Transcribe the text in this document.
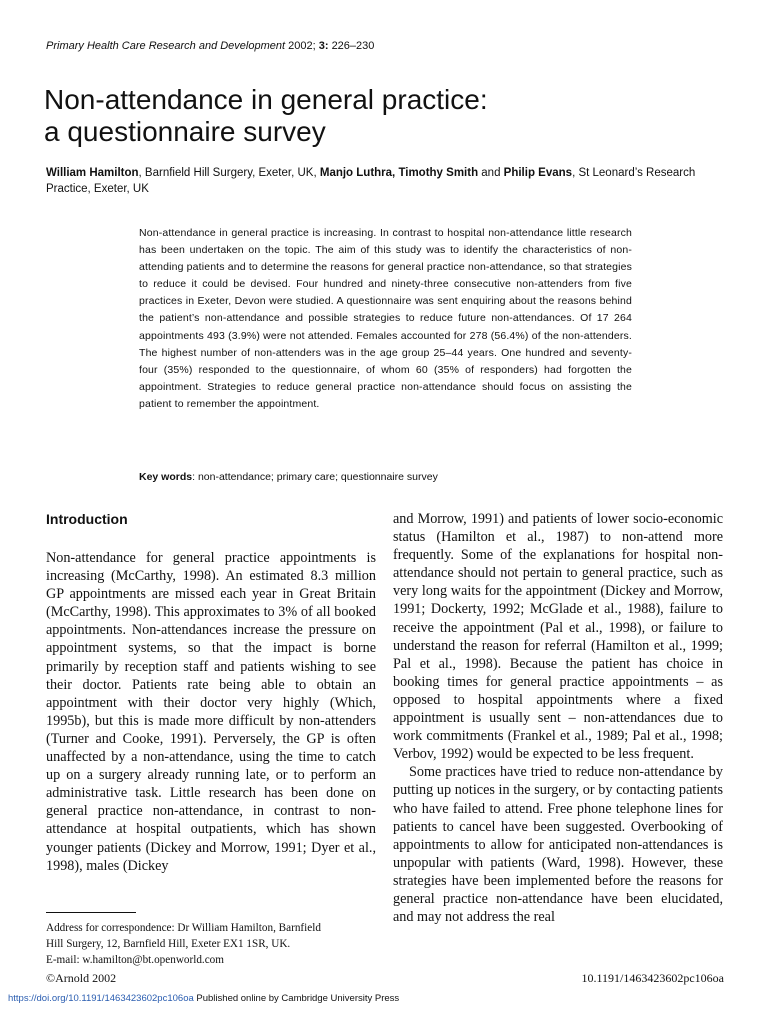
Primary Health Care Research and Development 2002; 3: 226–230
Non-attendance in general practice:
a questionnaire survey
William Hamilton, Barnfield Hill Surgery, Exeter, UK, Manjo Luthra, Timothy Smith and Philip Evans, St Leonard’s Research Practice, Exeter, UK

Non-attendance in general practice is increasing. In contrast to hospital non-attendance little research has been undertaken on the topic. The aim of this study was to identify the characteristics of non-attending patients and to determine the reasons for general practice non-attendance, so that strategies to reduce it could be devised. Four hundred and ninety-three consecutive non-attenders from five practices in Exeter, Devon were studied. A questionnaire was sent enquiring about the reasons behind the patient’s non-attendance and possible strategies to reduce future non-attendances. Of 17 264 appointments 493 (3.9%) were not attended. Females accounted for 278 (56.4%) of the non-attenders. The highest number of non-attenders was in the age group 25–44 years. One hundred and seventy-four (35%) responded to the questionnaire, of whom 60 (35% of responders) had forgotten the appointment. Strategies to reduce general practice non-attendance should focus on assisting the patient to remember the appointment.

Key words: non-attendance; primary care; questionnaire survey
Introduction

Non-attendance for general practice appointments is increasing (McCarthy, 1998). An estimated 8.3 million GP appointments are missed each year in Great Britain (McCarthy, 1998). This approximates to 3% of all booked appointments. Non-attendances increase the pressure on appointment systems, so that the impact is borne primarily by reception staff and patients wishing to see their doctor. Patients rate being able to obtain an appointment with their doctor very highly (Which, 1995b), but this is made more difficult by non-attenders (Turner and Cooke, 1991). Perversely, the GP is often unaffected by a non-attendance, using the time to catch up on a surgery already running late, or to perform an administrative task. Little research has been done on general practice non-attendance, in contrast to non-attendance at hospital outpatients, which has shown younger patients (Dickey and Morrow, 1991; Dyer et al., 1998), males (Dickey

and Morrow, 1991) and patients of lower socio-economic status (Hamilton et al., 1987) to non-attend more frequently. Some of the explanations for hospital non-attendance should not pertain to general practice, such as very long waits for the appointment (Dickey and Morrow, 1991; Dockerty, 1992; McGlade et al., 1988), failure to receive the appointment (Pal et al., 1998), or failure to understand the reason for referral (Hamilton et al., 1999; Pal et al., 1998). Because the patient has choice in booking times for general practice appointments – as opposed to hospital appointments where a fixed appointment is usually sent – non-attendances due to work commitments (Frankel et al., 1989; Pal et al., 1998; Verbov, 1992) would be expected to be less frequent.

Some practices have tried to reduce non-attendance by putting up notices in the surgery, or by contacting patients who have failed to attend. Free phone telephone lines for patients to cancel have been suggested. Overbooking of appointments to allow for anticipated non-attendances is unpopular with patients (Ward, 1998). However, these strategies have been implemented before the reasons for general practice non-attendance have been elucidated, and may not address the real

Address for correspondence: Dr William Hamilton, Barnfield
Hill Surgery, 12, Barnfield Hill, Exeter EX1 1SR, UK.
E-mail: w.hamilton@bt.openworld.com
©Arnold 2002	10.1191/1463423602pc106oa
https://doi.org/10.1191/1463423602pc106oa Published online by Cambridge University Press
